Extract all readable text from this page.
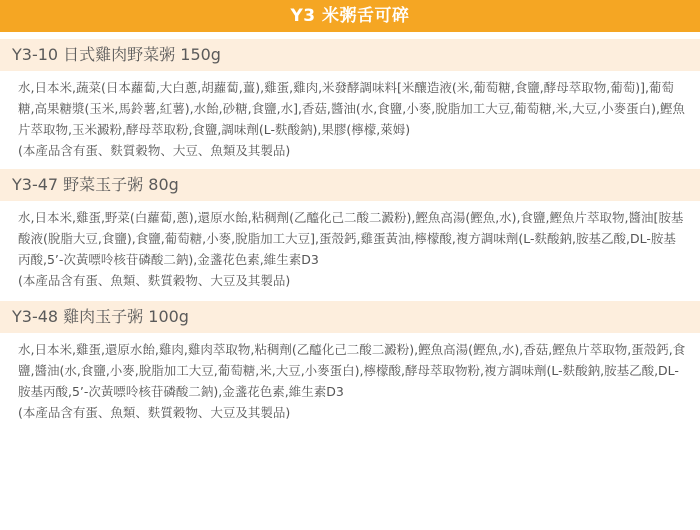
Y3 米粥舌可碎
Y3-10 日式雞肉野菜粥 150g
水,日本米,蔬菜(日本蘿蔔,大白蔥,胡蘿蔔,薑),雞蛋,雞肉,米發酵調味料[米釀造液(米,葡萄糖,食鹽,酵母萃取物,葡萄)],葡萄糖,高果糖漿(玉米,馬鈴薯,紅薯),水飴,砂糖,食鹽,水],香菇,醬油(水,食鹽,小麥,脫脂加工大豆,葡萄糖,米,大豆,小麥蛋白),鰹魚片萃取物,玉米澱粉,酵母萃取粉,食鹽,調味劑(L-麩酸鈉),果膠(檸檬,萊姆)
(本產品含有蛋、麩質穀物、大豆、魚類及其製品)
Y3-47 野菜玉子粥 80g
水,日本米,雞蛋,野菜(白蘿蔔,蔥),還原水飴,粘稠劑(乙醯化己二酸二澱粉),鰹魚高湯(鰹魚,水),食鹽,鰹魚片萃取物,醬油[胺基酸液(脫脂大豆,食鹽),食鹽,葡萄糖,小麥,脫脂加工大豆],蛋殼鈣,雞蛋黃油,檸檬酸,複方調味劑(L-麩酸鈉,胺基乙酸,DL-胺基丙酸,5’-次黃嘌呤核苷磷酸二鈉),金盞花色素,維生素D3
(本產品含有蛋、魚類、麩質穀物、大豆及其製品)
Y3-48 雞肉玉子粥 100g
水,日本米,雞蛋,還原水飴,雞肉,雞肉萃取物,粘稠劑(乙醯化己二酸二澱粉),鰹魚高湯(鰹魚,水),香菇,鰹魚片萃取物,蛋殼鈣,食鹽,醬油(水,食鹽,小麥,脫脂加工大豆,葡萄糖,米,大豆,小麥蛋白),檸檬酸,酵母萃取物粉,複方調味劑(L-麩酸鈉,胺基乙酸,DL-胺基丙酸,5’-次黃嘌呤核苷磷酸二鈉),金盞花色素,維生素D3
(本產品含有蛋、魚類、麩質穀物、大豆及其製品)
